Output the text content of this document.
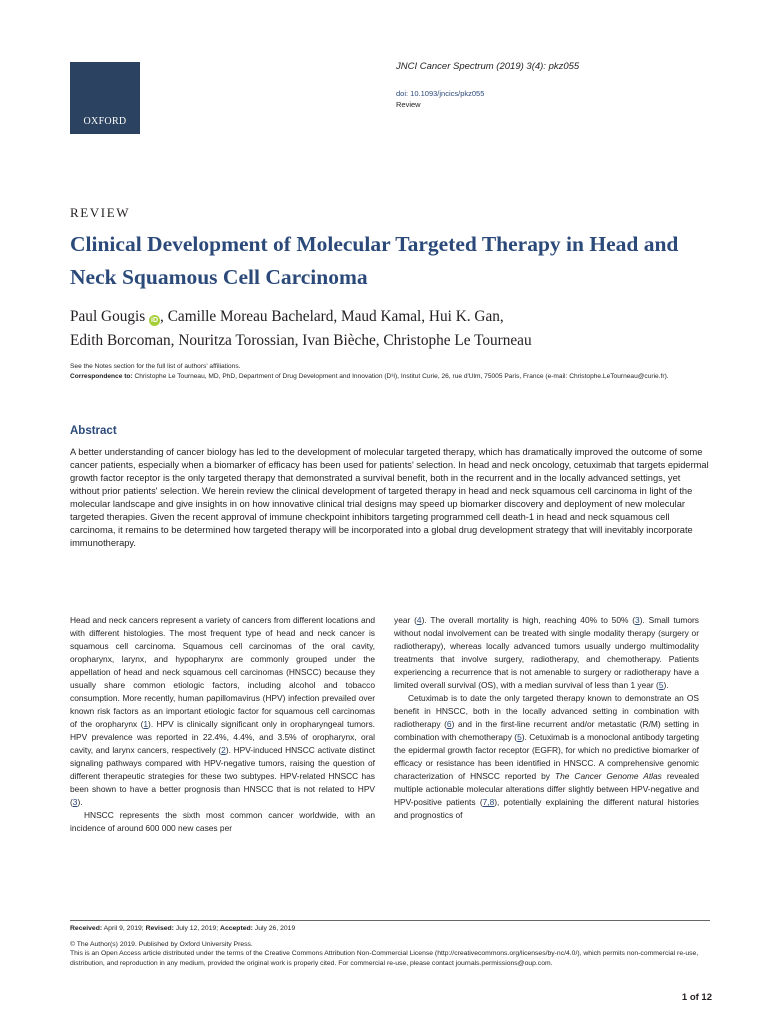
OXFORD
JNCI Cancer Spectrum (2019) 3(4): pkz055
doi: 10.1093/jncics/pkz055
Review
REVIEW
Clinical Development of Molecular Targeted Therapy in Head and Neck Squamous Cell Carcinoma
Paul Gougis iD , Camille Moreau Bachelard, Maud Kamal, Hui K. Gan,
Edith Borcoman, Nouritza Torossian, Ivan Bièche, Christophe Le Tourneau
See the Notes section for the full list of authors' affiliations.
Correspondence to: Christophe Le Tourneau, MD, PhD, Department of Drug Development and Innovation (D³i), Institut Curie, 26, rue d'Ulm, 75005 Paris, France (e-mail: Christophe.LeTourneau@curie.fr).
Abstract

A better understanding of cancer biology has led to the development of molecular targeted therapy, which has dramatically improved the outcome of some cancer patients, especially when a biomarker of efficacy has been used for patients' selection. In head and neck oncology, cetuximab that targets epidermal growth factor receptor is the only targeted therapy that demonstrated a survival benefit, both in the recurrent and in the locally advanced settings, yet without prior patients' selection. We herein review the clinical development of targeted therapy in head and neck squamous cell carcinoma in light of the molecular landscape and give insights in on how innovative clinical trial designs may speed up biomarker discovery and deployment of new molecular targeted therapies. Given the recent approval of immune checkpoint inhibitors targeting programmed cell death-1 in head and neck squamous cell carcinoma, it remains to be determined how targeted therapy will be incorporated into a global drug development strategy that will inevitably incorporate immunotherapy.

Head and neck cancers represent a variety of cancers from different locations and with different histologies. The most frequent type of head and neck cancer is squamous cell carcinoma. Squamous cell carcinomas of the oral cavity, oropharynx, larynx, and hypopharynx are commonly grouped under the appellation of head and neck squamous cell carcinomas (HNSCC) because they usually share common etiologic factors, including alcohol and tobacco consumption. More recently, human papillomavirus (HPV) infection prevailed over known risk factors as an important etiologic factor for squamous cell carcinomas of the oropharynx (1). HPV is clinically significant only in oropharyngeal tumors. HPV prevalence was reported in 22.4%, 4.4%, and 3.5% of oropharynx, oral cavity, and larynx cancers, respectively (2). HPV-induced HNSCC activate distinct signaling pathways compared with HPV-negative tumors, raising the question of different therapeutic strategies for these two subtypes. HPV-related HNSCC has been shown to have a better prognosis than HNSCC that is not related to HPV (3).

HNSCC represents the sixth most common cancer worldwide, with an incidence of around 600 000 new cases per

year (4). The overall mortality is high, reaching 40% to 50% (3). Small tumors without nodal involvement can be treated with single modality therapy (surgery or radiotherapy), whereas locally advanced tumors usually undergo multimodality treatments that involve surgery, radiotherapy, and chemotherapy. Patients experiencing a recurrence that is not amenable to surgery or radiotherapy have a limited overall survival (OS), with a median survival of less than 1 year (5).

Cetuximab is to date the only targeted therapy known to demonstrate an OS benefit in HNSCC, both in the locally advanced setting in combination with radiotherapy (6) and in the first-line recurrent and/or metastatic (R/M) setting in combination with chemotherapy (5). Cetuximab is a monoclonal antibody targeting the epidermal growth factor receptor (EGFR), for which no predictive biomarker of efficacy or resistance has been identified in HNSCC. A comprehensive genomic characterization of HNSCC reported by The Cancer Genome Atlas revealed multiple actionable molecular alterations differ slightly between HPV-negative and HPV-positive patients (7,8), potentially explaining the different natural histories and prognostics of

Received: April 9, 2019; Revised: July 12, 2019; Accepted: July 26, 2019
© The Author(s) 2019. Published by Oxford University Press.
This is an Open Access article distributed under the terms of the Creative Commons Attribution Non-Commercial License (http://creativecommons.org/licenses/by-nc/4.0/), which permits non-commercial re-use, distribution, and reproduction in any medium, provided the original work is properly cited. For commercial re-use, please contact journals.permissions@oup.com.
1 of 12
